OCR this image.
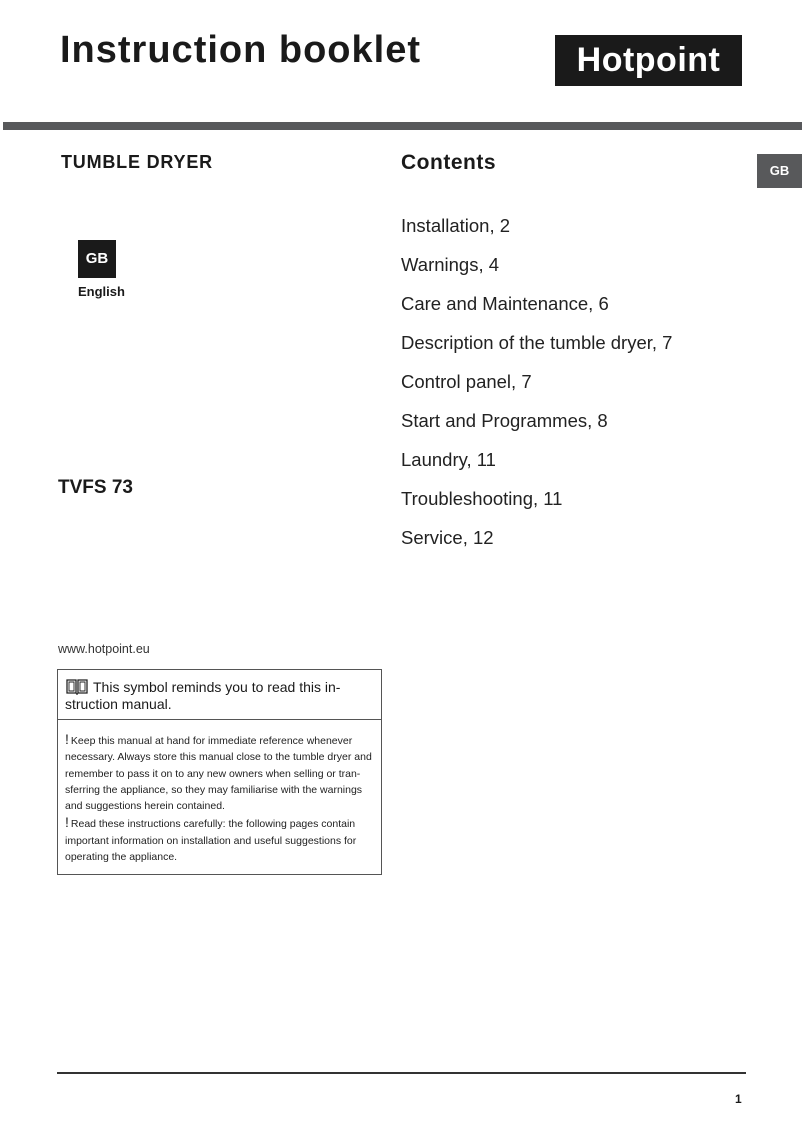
Instruction booklet	Hotpoint
TUMBLE DRYER
GB
English
TVFS 73
www.hotpoint.eu
Contents
Installation, 2
Warnings, 4
Care and Maintenance, 6
Description of the tumble dryer, 7
Control panel, 7
Start and Programmes, 8
Laundry, 11
Troubleshooting, 11
Service, 12
GB
This symbol reminds you to read this in-
struction manual.
! Keep this manual at hand for immediate reference whenever
necessary. Always store this manual close to the tumble dryer and
remember to pass it on to any new owners when selling or tran-
sferring the appliance, so they may familiarise with the warnings
and suggestions herein contained.
! Read these instructions carefully: the following pages contain
important information on installation and useful suggestions for
operating the appliance.
1
